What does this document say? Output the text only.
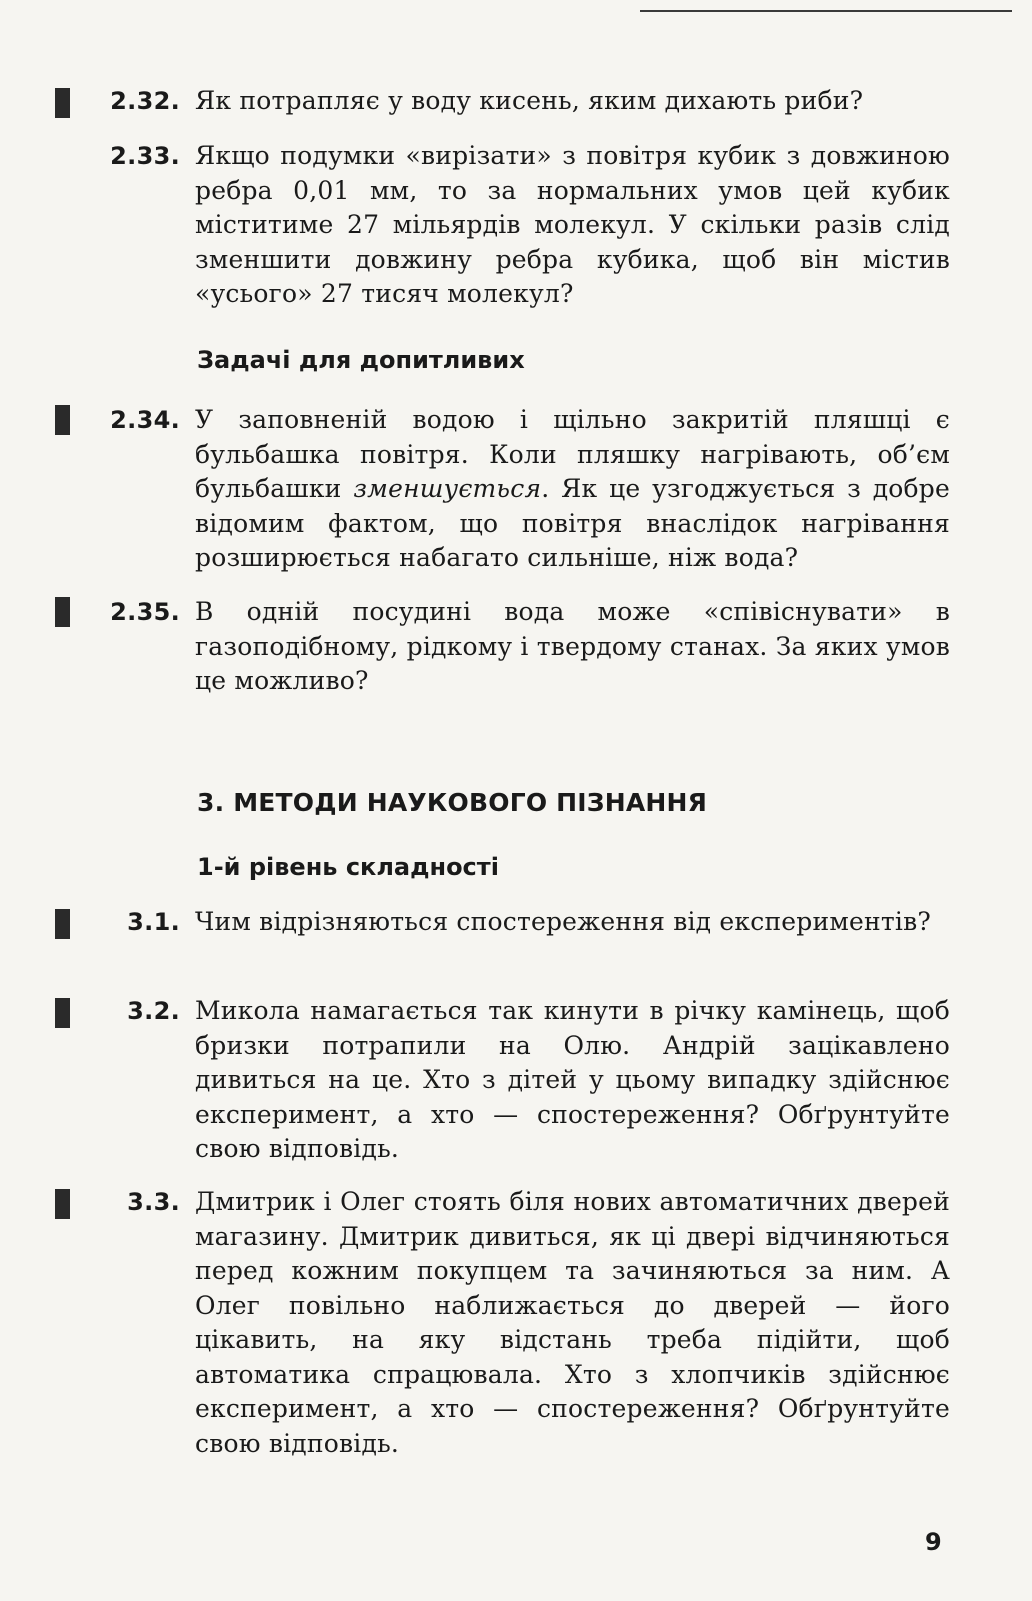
2.32. Як потрапляє у воду кисень, яким дихають риби?
2.33. Якщо подумки «вирізати» з повітря кубик з довжиною ребра 0,01 мм, то за нормальних умов цей кубик міститиме 27 мільярдів молекул. У скільки разів слід зменшити довжину ребра кубика, щоб він містив «усього» 27 тисяч молекул?
Задачі для допитливих
2.34. У заповненій водою і щільно закритій пляшці є бульбашка повітря. Коли пляшку нагрівають, об’єм бульбашки зменшується. Як це узгоджується з добре відомим фактом, що повітря внаслідок нагрівання розширюється набагато сильніше, ніж вода?
2.35. В одній посудині вода може «співіснувати» в газоподібному, рідкому і твердому станах. За яких умов це можливо?
3. МЕТОДИ НАУКОВОГО ПІЗНАННЯ
1-й рівень складності
3.1. Чим відрізняються спостереження від експериментів?
3.2. Микола намагається так кинути в річку камінець, щоб бризки потрапили на Олю. Андрій зацікавлено дивиться на це. Хто з дітей у цьому випадку здійснює експеримент, а хто — спостереження? Обґрунтуйте свою відповідь.
3.3. Дмитрик і Олег стоять біля нових автоматичних дверей магазину. Дмитрик дивиться, як ці двері відчиняються перед кожним покупцем та зачиняються за ним. А Олег повільно наближається до дверей — його цікавить, на яку відстань треба підійти, щоб автоматика спрацювала. Хто з хлопчиків здійснює експеримент, а хто — спостереження? Обґрунтуйте свою відповідь.
9
